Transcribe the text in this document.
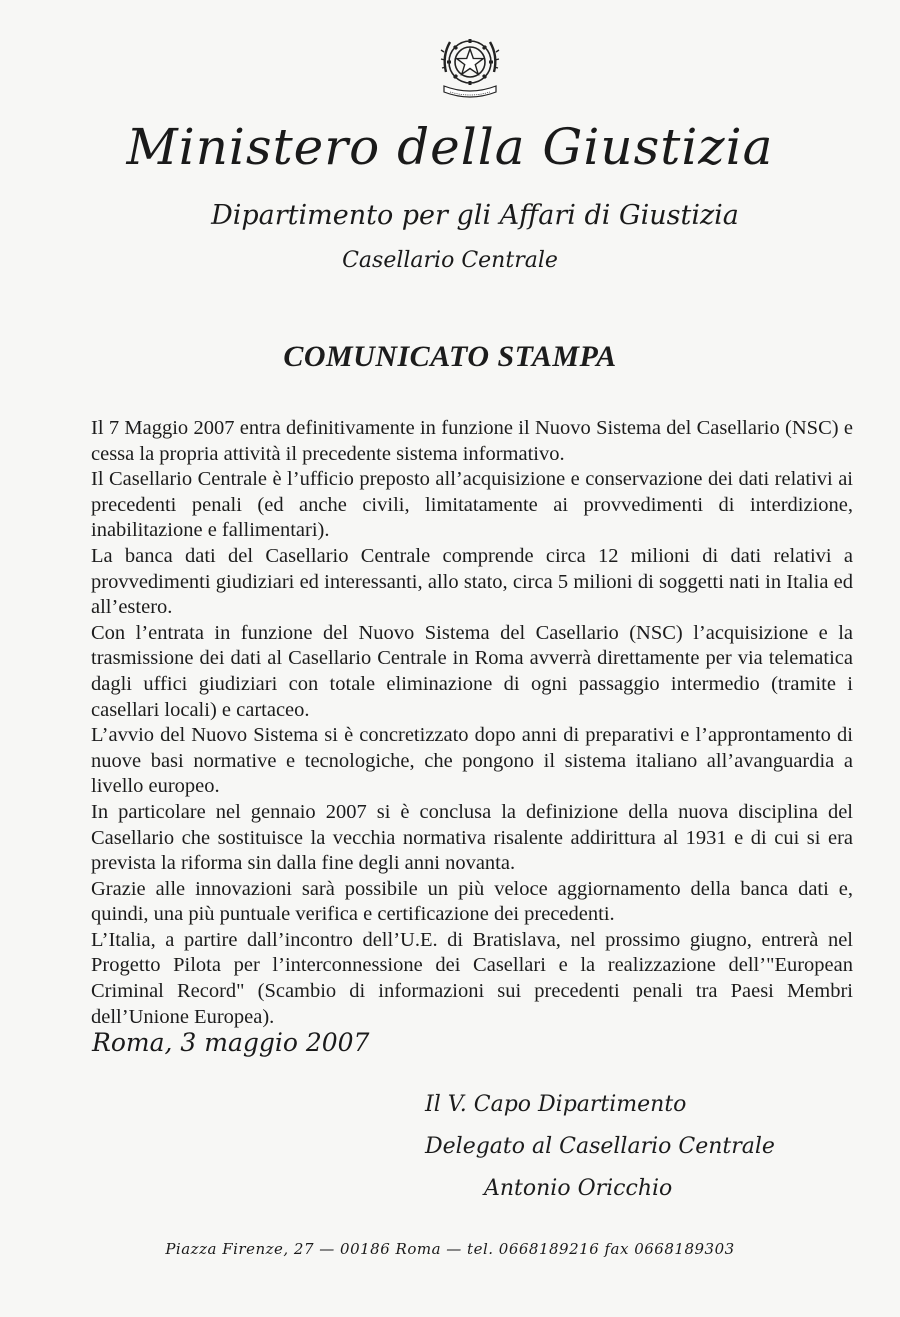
Ministero della Giustizia
Dipartimento per gli Affari di Giustizia
Casellario Centrale
COMUNICATO STAMPA

Il 7 Maggio 2007 entra definitivamente in funzione il Nuovo Sistema del Casellario (NSC) e cessa la propria attività il precedente sistema informativo.

Il Casellario Centrale è l’ufficio preposto all’acquisizione e conservazione dei dati relativi ai precedenti penali (ed anche civili, limitatamente ai provvedimenti di interdizione, inabilitazione e fallimentari).

La banca dati del Casellario Centrale comprende circa 12 milioni di dati relativi a provvedimenti giudiziari ed interessanti, allo stato, circa 5 milioni di soggetti nati in Italia ed all’estero.

Con l’entrata in funzione del Nuovo Sistema del Casellario (NSC) l’acquisizione e la trasmissione dei dati al Casellario Centrale in Roma avverrà direttamente per via telematica dagli uffici giudiziari con totale eliminazione di ogni passaggio intermedio (tramite i casellari locali) e cartaceo.

L’avvio del Nuovo Sistema si è concretizzato dopo anni di preparativi e l’approntamento di nuove basi normative e tecnologiche, che pongono il sistema italiano all’avanguardia a livello europeo.

In particolare nel gennaio 2007 si è conclusa la definizione della nuova disciplina del Casellario che sostituisce la vecchia normativa risalente addirittura al 1931 e di cui si era prevista la riforma sin dalla fine degli anni novanta.

Grazie alle innovazioni sarà possibile un più veloce aggiornamento della banca dati e, quindi, una più puntuale verifica e certificazione dei precedenti.

L’Italia, a partire dall’incontro dell’U.E. di Bratislava, nel prossimo giugno, entrerà nel Progetto Pilota per l’interconnessione dei Casellari e la realizzazione dell’"European Criminal Record" (Scambio di informazioni sui precedenti penali tra Paesi Membri dell’Unione Europea).

Roma, 3 maggio 2007
Il V. Capo Dipartimento
Delegato al Casellario Centrale
Antonio Oricchio
Piazza Firenze, 27 — 00186 Roma — tel. 0668189216 fax 0668189303
